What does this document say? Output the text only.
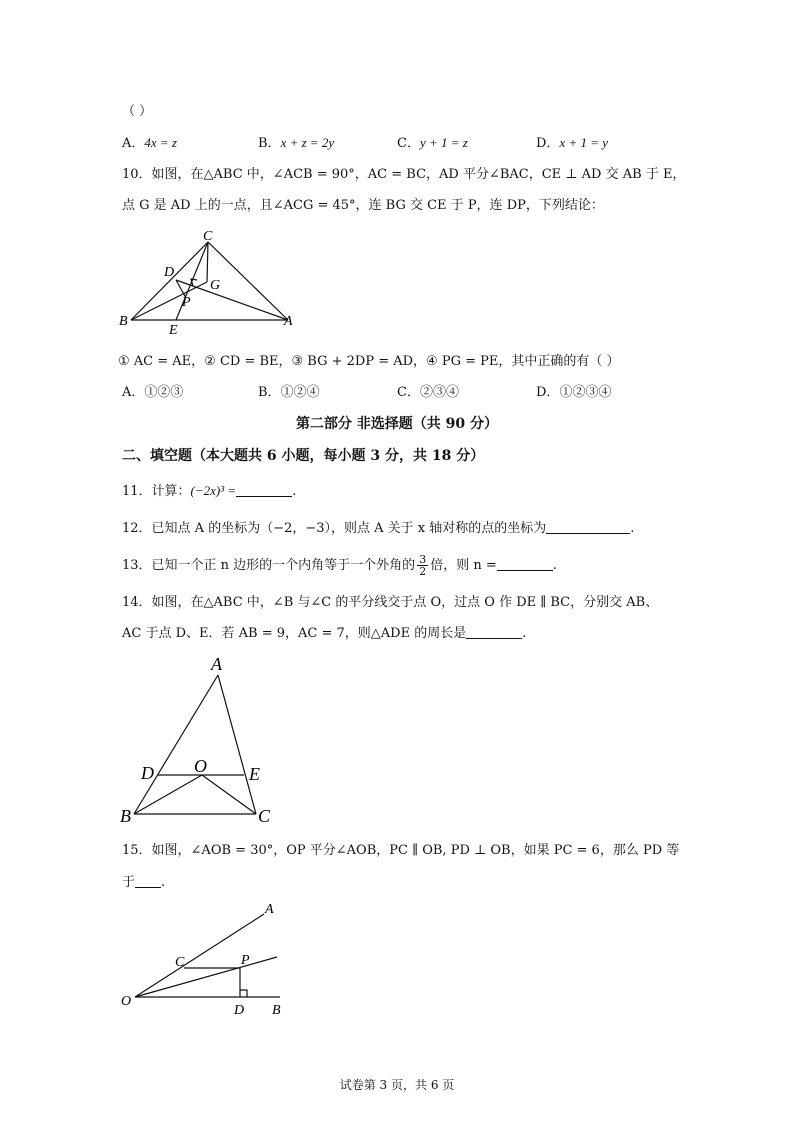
（ ）
A．4x = z	B．x + z = 2y	C．y + 1 = z	D．x + 1 = y
10．如图，在△ABC 中，∠ACB = 90°，AC = BC，AD 平分∠BAC，CE ⊥ AD 交 AB 于 E，
点 G 是 AD 上的一点，且∠ACG = 45°，连 BG 交 CE 于 P，连 DP，下列结论：
C
D
G
P
B
E
A
① AC = AE，② CD = BE，③ BG + 2DP = AD，④ PG = PE，其中正确的有（ ）
A．①②③	B．①②④	C．②③④	D．①②③④
第二部分 非选择题（共 90 分）
二、填空题（本大题共 6 小题，每小题 3 分，共 18 分）
11．计算：(−2x)³ =	.
12．已知点 A 的坐标为（−2，−3），则点 A 关于 x 轴对称的点的坐标为	.
13．已知一个正 n 边形的一个内角等于一个外角的 $\frac{3}{2}$ 倍，则 n =	.
14．如图，在△ABC 中，∠B 与∠C 的平分线交于点 O，过点 O 作 DE ∥ BC，分别交 AB、
AC 于点 D、E．若 AB = 9，AC = 7，则△ADE 的周长是	.
A
D O E
B	C
15．如图，∠AOB = 30°，OP 平分∠AOB，PC ∥ OB, PD ⊥ OB，如果 PC = 6，那么 PD 等
于 .
A
C	P
O
D B
试卷第 3 页，共 6 页
